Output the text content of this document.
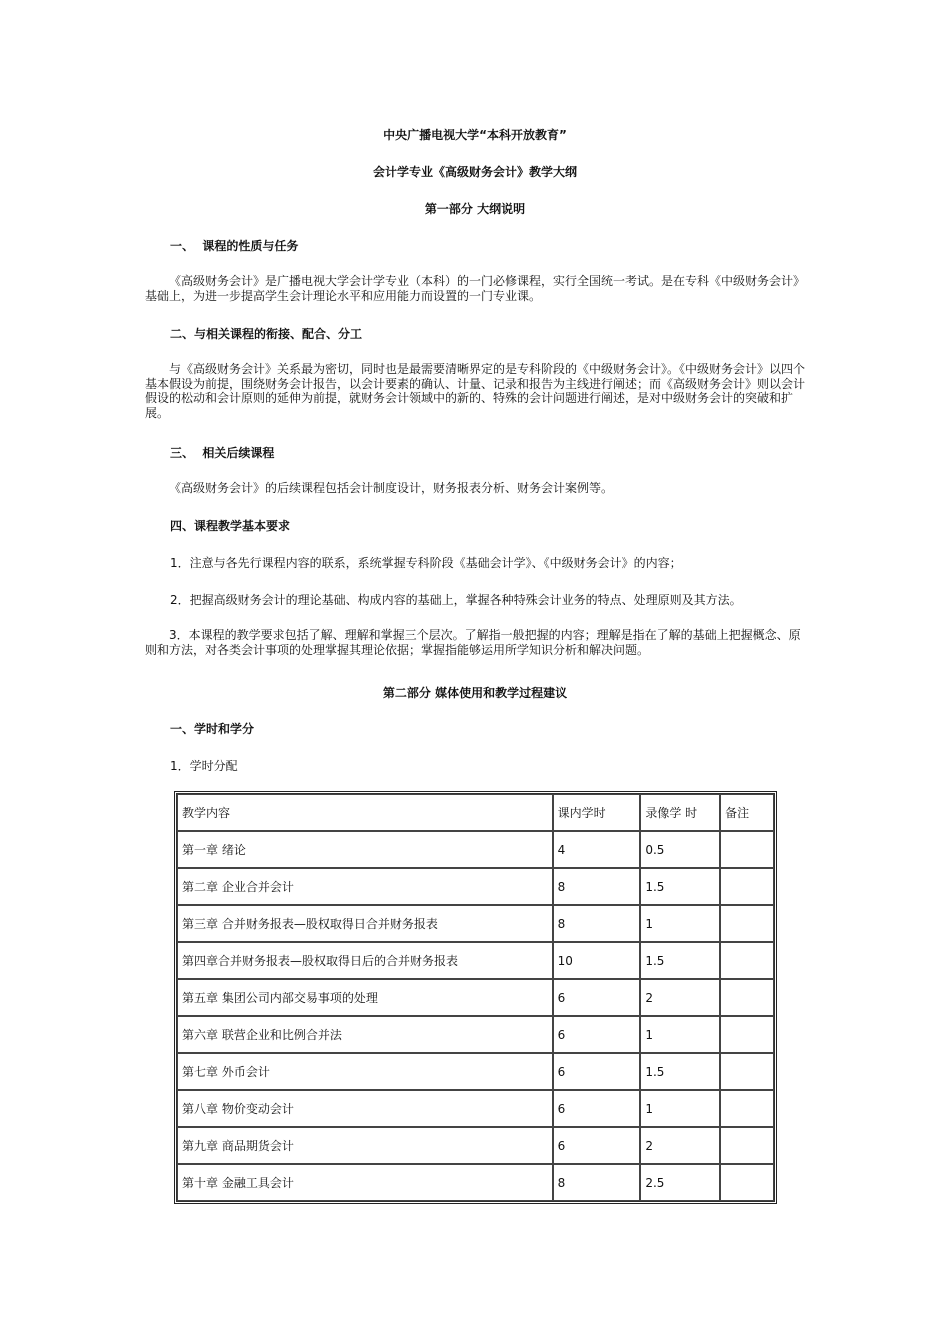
中央广播电视大学“本科开放教育”
会计学专业《高级财务会计》教学大纲
第一部分 大纲说明
一、  课程的性质与任务
《高级财务会计》是广播电视大学会计学专业（本科）的一门必修课程，实行全国统一考试。是在专科《中级财务会计》基础上，为进一步提高学生会计理论水平和应用能力而设置的一门专业课。
二、与相关课程的衔接、配合、分工
与《高级财务会计》关系最为密切，同时也是最需要清晰界定的是专科阶段的《中级财务会计》。《中级财务会计》以四个基本假设为前提，围绕财务会计报告，以会计要素的确认、计量、记录和报告为主线进行阐述；而《高级财务会计》则以会计假设的松动和会计原则的延伸为前提，就财务会计领域中的新的、特殊的会计问题进行阐述，是对中级财务会计的突破和扩展。
三、  相关后续课程
《高级财务会计》的后续课程包括会计制度设计，财务报表分析、财务会计案例等。
四、课程教学基本要求
1．注意与各先行课程内容的联系，系统掌握专科阶段《基础会计学》、《中级财务会计》的内容；
2．把握高级财务会计的理论基础、构成内容的基础上，掌握各种特殊会计业务的特点、处理原则及其方法。
3．本课程的教学要求包括了解、理解和掌握三个层次。了解指一般把握的内容；理解是指在了解的基础上把握概念、原则和方法，对各类会计事项的处理掌握其理论依据；掌握指能够运用所学知识分析和解决问题。
第二部分 媒体使用和教学过程建议
一、学时和学分
1．学时分配
教学内容	课内学时	录像学 时	备注
第一章 绪论	4	0.5	
第二章 企业合并会计	8	1.5	
第三章 合并财务报表—股权取得日合并财务报表	8	1	
第四章合并财务报表—股权取得日后的合并财务报表	10	1.5	
第五章 集团公司内部交易事项的处理	6	2	
第六章 联营企业和比例合并法	6	1	
第七章 外币会计	6	1.5	
第八章 物价变动会计	6	1	
第九章 商品期货会计	6	2	
第十章 金融工具会计	8	2.5	
